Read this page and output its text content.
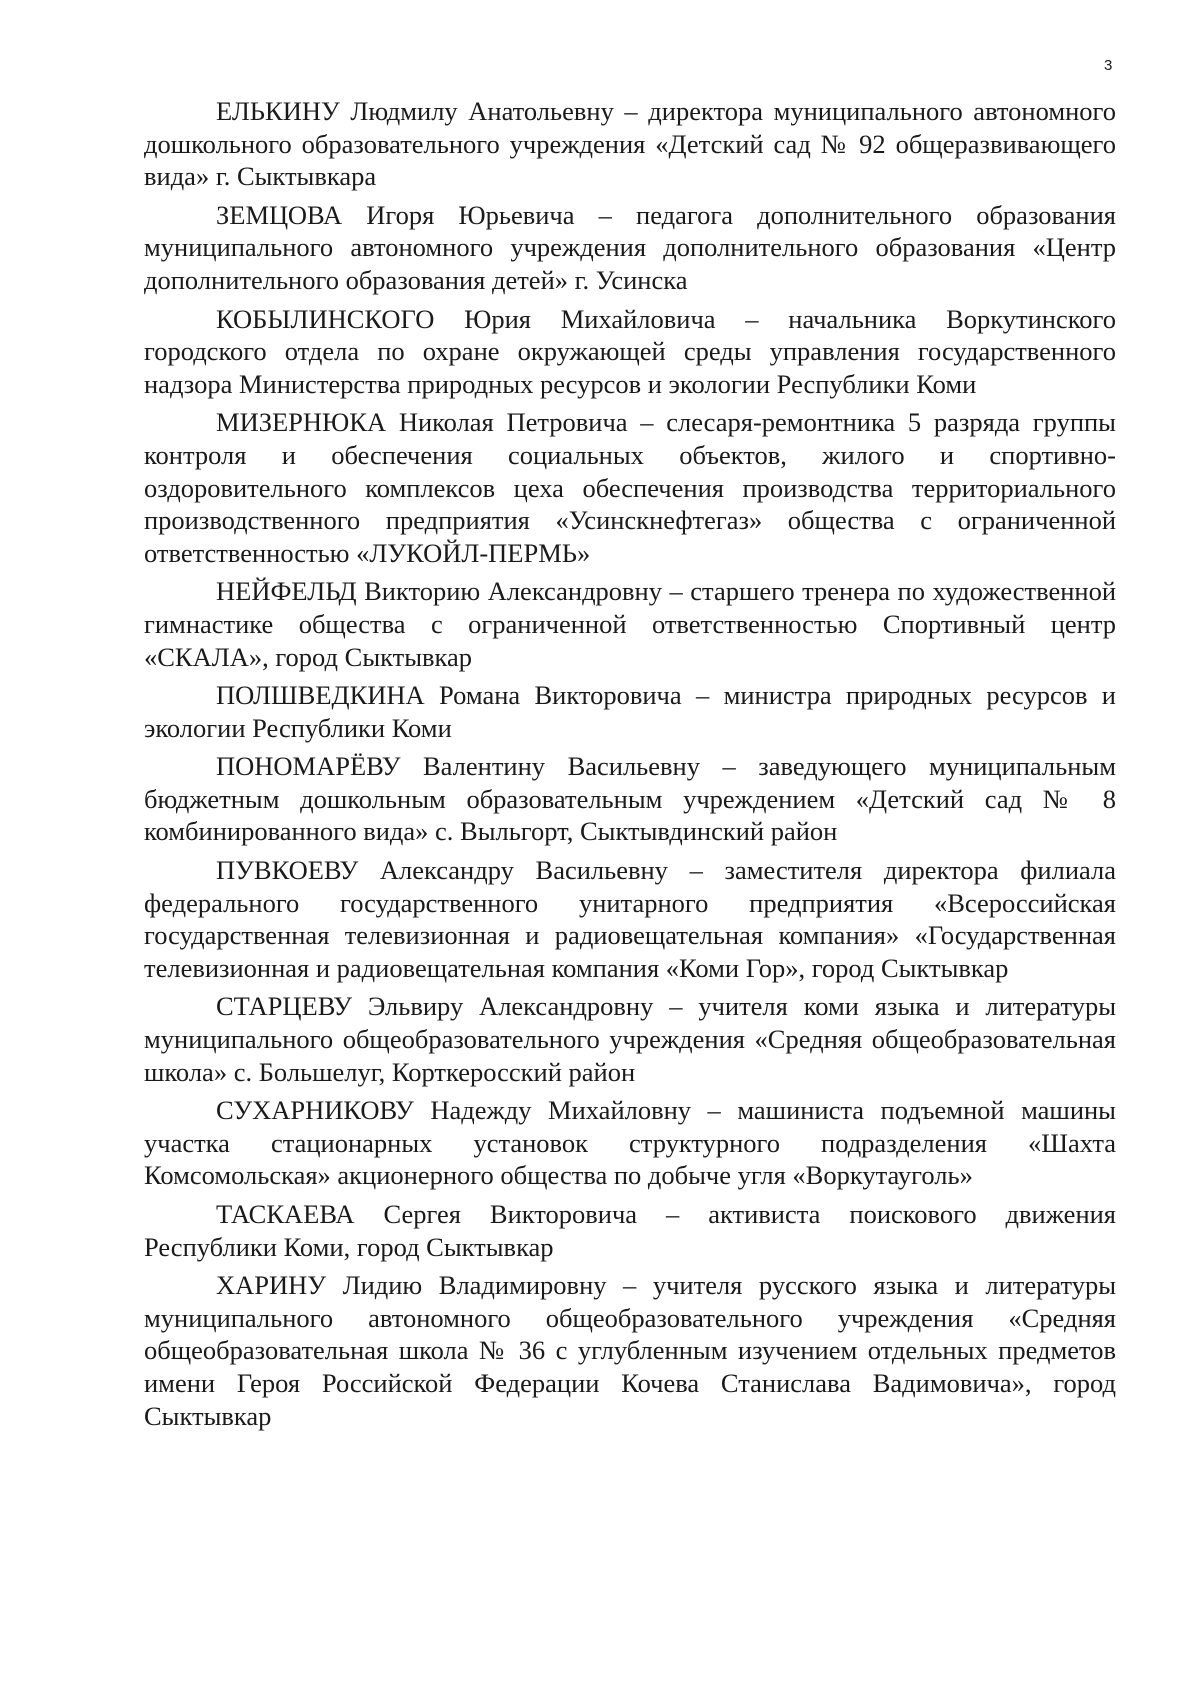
3

ЕЛЬКИНУ Людмилу Анатольевну – директора муниципального автономного дошкольного образовательного учреждения «Детский сад № 92 общеразвивающего вида» г. Сыктывкара

ЗЕМЦОВА Игоря Юрьевича – педагога дополнительного образования муниципального автономного учреждения дополнительного образования «Центр дополнительного образования детей» г. Усинска

КОБЫЛИНСКОГО Юрия Михайловича – начальника Воркутинского городского отдела по охране окружающей среды управления государственного надзора Министерства природных ресурсов и экологии Республики Коми

МИЗЕРНЮКА Николая Петровича – слесаря-ремонтника 5 разряда группы контроля и обеспечения социальных объектов, жилого и спортивно-оздоровительного комплексов цеха обеспечения производства территориального производственного предприятия «Усинскнефтегаз» общества с ограниченной ответственностью «ЛУКОЙЛ-ПЕРМЬ»

НЕЙФЕЛЬД Викторию Александровну – старшего тренера по художественной гимнастике общества с ограниченной ответственностью Спортивный центр «СКАЛА», город Сыктывкар

ПОЛШВЕДКИНА Романа Викторовича – министра природных ресурсов и экологии Республики Коми

ПОНОМАРЁВУ Валентину Васильевну – заведующего муниципальным бюджетным дошкольным образовательным учреждением «Детский сад № 8 комбинированного вида» с. Выльгорт, Сыктывдинский район

ПУВКОЕВУ Александру Васильевну – заместителя директора филиала федерального государственного унитарного предприятия «Всероссийская государственная телевизионная и радиовещательная компания» «Государственная телевизионная и радиовещательная компания «Коми Гор», город Сыктывкар

СТАРЦЕВУ Эльвиру Александровну – учителя коми языка и литературы муниципального общеобразовательного учреждения «Средняя общеобразовательная школа» с. Большелуг, Корткеросский район

СУХАРНИКОВУ Надежду Михайловну – машиниста подъемной машины участка стационарных установок структурного подразделения «Шахта Комсомольская» акционерного общества по добыче угля «Воркутауголь»

ТАСКАЕВА Сергея Викторовича – активиста поискового движения Республики Коми, город Сыктывкар

ХАРИНУ Лидию Владимировну – учителя русского языка и литературы муниципального автономного общеобразовательного учреждения «Средняя общеобразовательная школа № 36 с углубленным изучением отдельных предметов имени Героя Российской Федерации Кочева Станислава Вадимовича», город Сыктывкар
